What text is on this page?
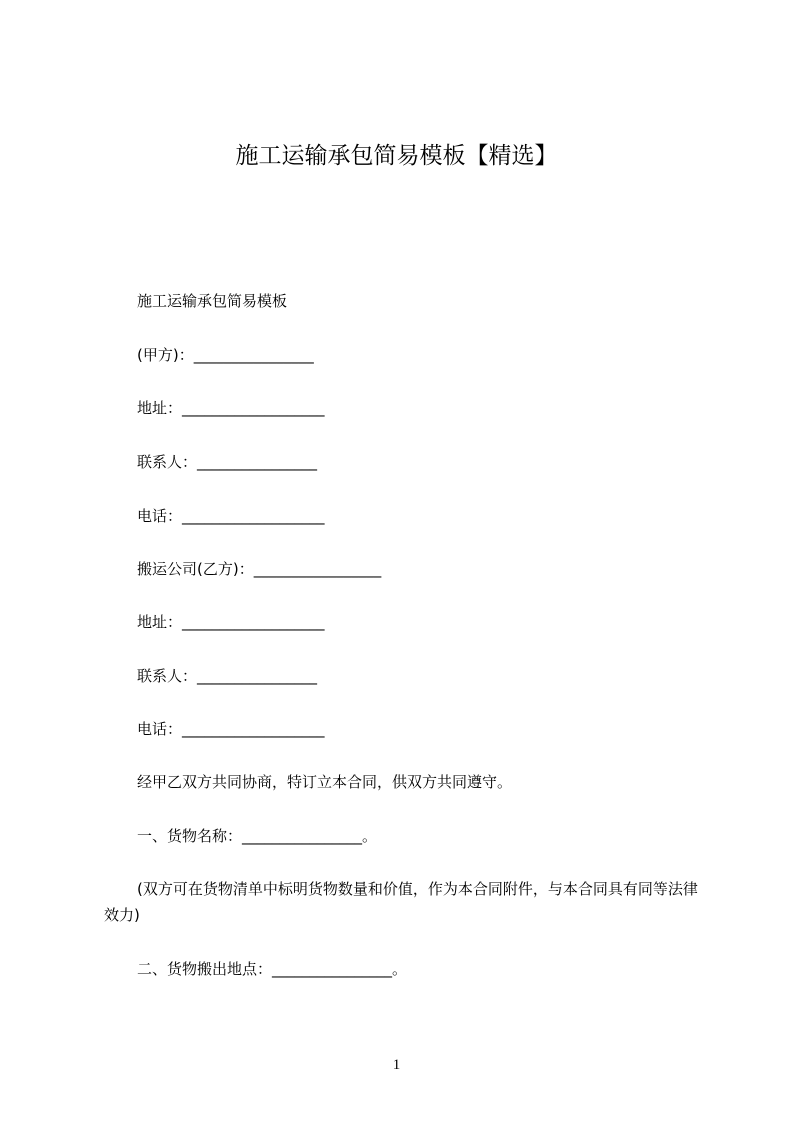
施工运输承包简易模板【精选】
施工运输承包简易模板
(甲方)：________________
地址：___________________
联系人：________________
电话：___________________
搬运公司(乙方)：_________________
地址：___________________
联系人：________________
电话：___________________
经甲乙双方共同协商，特订立本合同，供双方共同遵守。
一、货物名称：________________。
(双方可在货物清单中标明货物数量和价值，作为本合同附件，与本合同具有同等法律效力)
二、货物搬出地点：________________。
1
